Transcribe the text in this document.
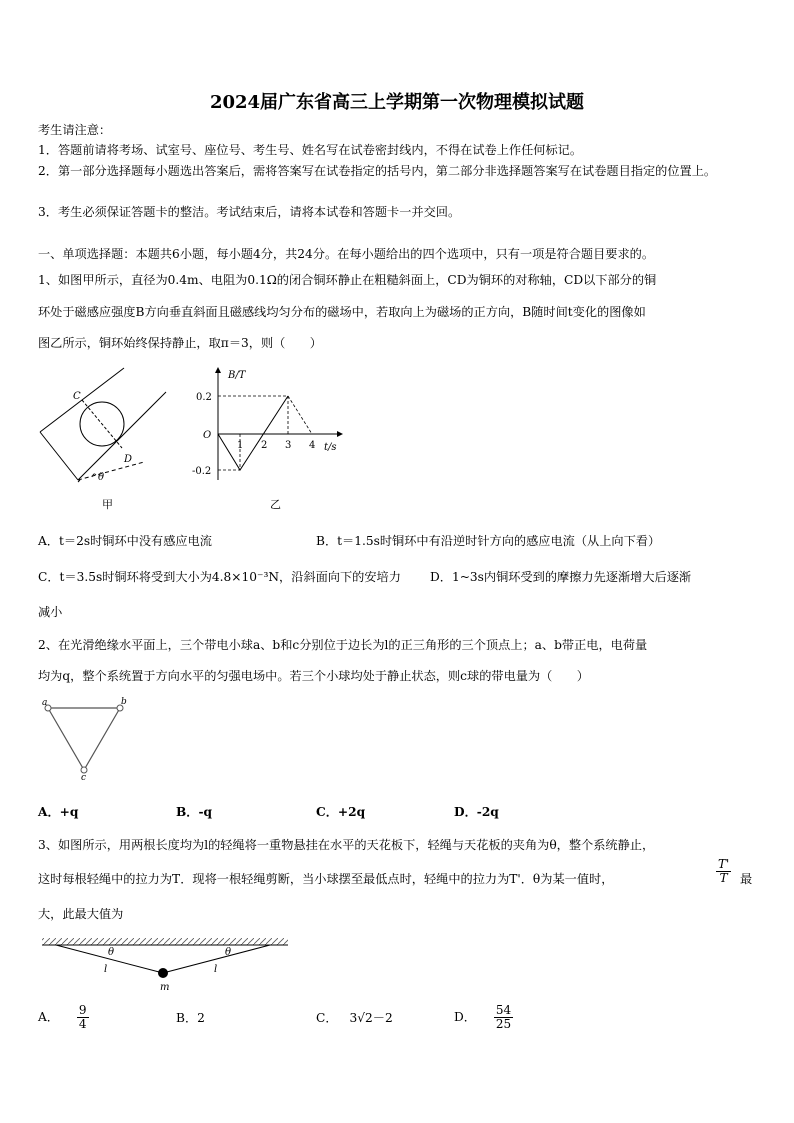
2024届广东省高三上学期第一次物理模拟试题
考生请注意：
1．答题前请将考场、试室号、座位号、考生号、姓名写在试卷密封线内，不得在试卷上作任何标记。
2．第一部分选择题每小题选出答案后，需将答案写在试卷指定的括号内，第二部分非选择题答案写在试卷题目指定的位置上。
3．考生必须保证答题卡的整洁。考试结束后，请将本试卷和答题卡一并交回。
一、单项选择题：本题共6小题，每小题4分，共24分。在每小题给出的四个选项中，只有一项是符合题目要求的。
1、如图甲所示，直径为0.4m、电阻为0.1Ω的闭合铜环静止在粗糙斜面上，CD为铜环的对称轴，CD以下部分的铜
环处于磁感应强度B方向垂直斜面且磁感线均匀分布的磁场中，若取向上为磁场的正方向，B随时间t变化的图像如
图乙所示，铜环始终保持静止，取π＝3，则（　　）
C
D
θ
甲
B/T
t/s
O
0.2
-0.2
1 2 3 4
乙
A．t＝2s时铜环中没有感应电流	B．t＝1.5s时铜环中有沿逆时针方向的感应电流（从上向下看）
C．t＝3.5s时铜环将受到大小为4.8×10⁻³N，沿斜面向下的安培力 D．1~3s内铜环受到的摩擦力先逐渐增大后逐渐
减小
2、在光滑绝缘水平面上，三个带电小球a、b和c分别位于边长为l的正三角形的三个顶点上；a、b带正电，电荷量
均为q，整个系统置于方向水平的匀强电场中。若三个小球均处于静止状态，则c球的带电量为（　　）
a	b
c
A．+q	B．-q	C．+2q	D．-2q
3、如图所示，用两根长度均为l的轻绳将一重物悬挂在水平的天花板下，轻绳与天花板的夹角为θ，整个系统静止，
这时每根轻绳中的拉力为T．现将一根轻绳剪断，当小球摆至最低点时，轻绳中的拉力为T'．θ为某一值时，	$\frac{T'}{T}$ 最
大，此最大值为
θ	θ
l	l
m
A． $\frac{9}{4}$	B．2	C． 3√2－2	D． $\frac{54}{25}$
